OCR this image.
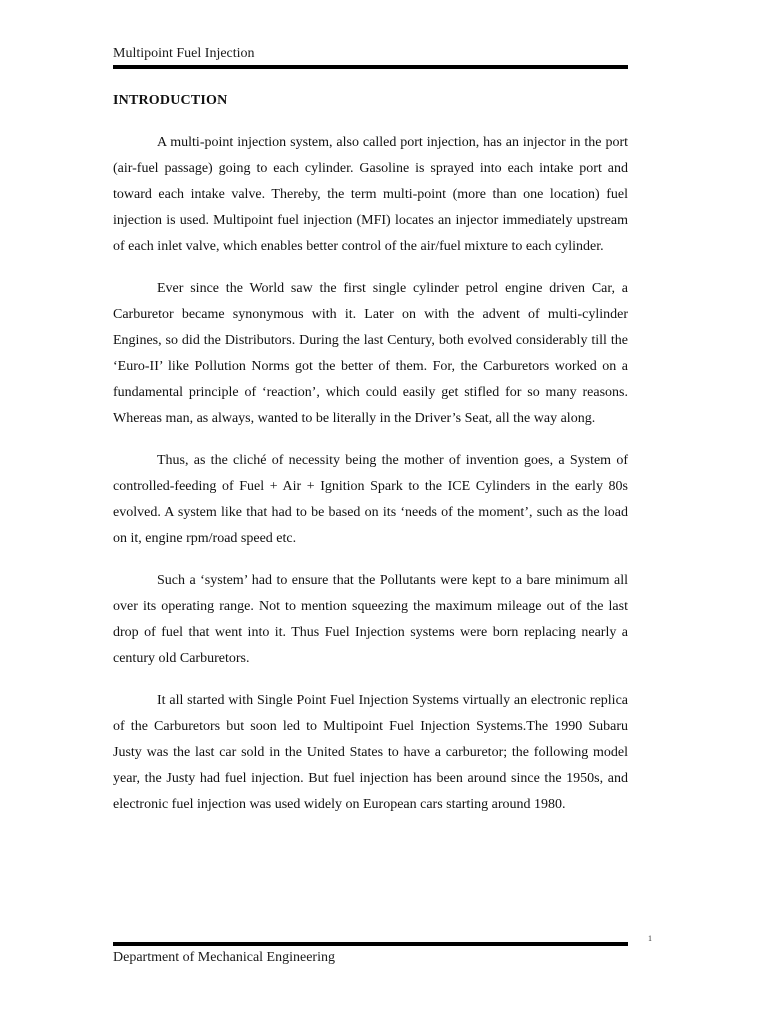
Multipoint Fuel Injection
INTRODUCTION

A multi-point injection system, also called port injection, has an injector in the port (air-fuel passage) going to each cylinder. Gasoline is sprayed into each intake port and toward each intake valve. Thereby, the term multi-point (more than one location) fuel injection is used. Multipoint fuel injection (MFI) locates an injector immediately upstream of each inlet valve, which enables better control of the air/fuel mixture to each cylinder.

Ever since the World saw the first single cylinder petrol engine driven Car, a Carburetor became synonymous with it. Later on with the advent of multi-cylinder Engines, so did the Distributors. During the last Century, both evolved considerably till the ‘Euro-II’ like Pollution Norms got the better of them. For, the Carburetors worked on a fundamental principle of ‘reaction’, which could easily get stifled for so many reasons. Whereas man, as always, wanted to be literally in the Driver’s Seat, all the way along.

Thus, as the cliché of necessity being the mother of invention goes, a System of controlled-feeding of Fuel + Air + Ignition Spark to the ICE Cylinders in the early 80s evolved. A system like that had to be based on its ‘needs of the moment’, such as the load on it, engine rpm/road speed etc.

Such a ‘system’ had to ensure that the Pollutants were kept to a bare minimum all over its operating range. Not to mention squeezing the maximum mileage out of the last drop of fuel that went into it. Thus Fuel Injection systems were born replacing nearly a century old Carburetors.

It all started with Single Point Fuel Injection Systems virtually an electronic replica of the Carburetors but soon led to Multipoint Fuel Injection Systems.The 1990 Subaru Justy was the last car sold in the United States to have a carburetor; the following model year, the Justy had fuel injection. But fuel injection has been around since the 1950s, and electronic fuel injection was used widely on European cars starting around 1980.

1
Department of Mechanical Engineering
